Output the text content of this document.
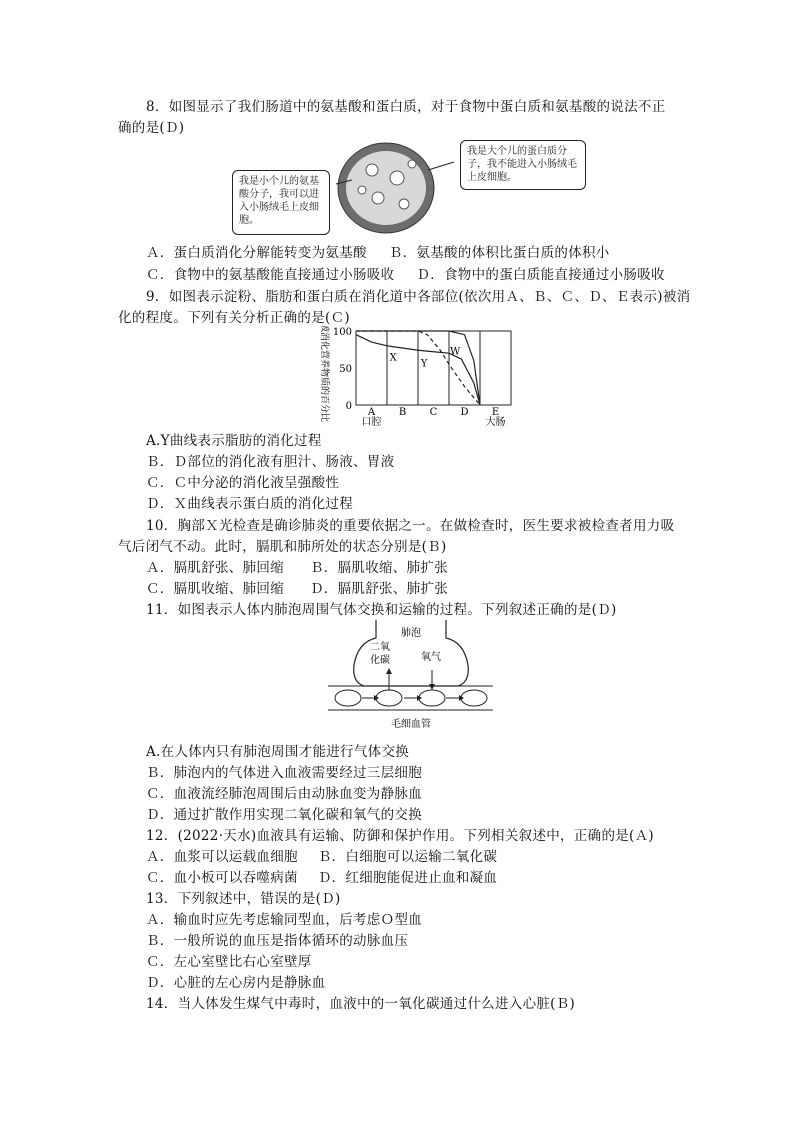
8．如图显示了我们肠道中的氨基酸和蛋白质，对于食物中蛋白质和氨基酸的说法不正
确的是(Ｄ)
我是小个儿的氨基酸分子，我可以进入小肠绒毛上皮细胞。
我是大个儿的蛋白质分子，我不能进入小肠绒毛上皮细胞。
Ａ．蛋白质消化分解能转变为氨基酸 Ｂ．氨基酸的体积比蛋白质的体积小
Ｃ．食物中的氨基酸能直接通过小肠吸收 Ｄ．食物中的蛋白质能直接通过小肠吸收
9．如图表示淀粉、脂肪和蛋白质在消化道中各部位(依次用Ａ、Ｂ、Ｃ、Ｄ、Ｅ表示)被消
化的程度。下列有关分析正确的是(Ｃ)
0
50
100
未被消化营养物质的百分比	A
口腔
B C D E
大肠
X
Y
W
A.Y曲线表示脂肪的消化过程
Ｂ．Ｄ部位的消化液有胆汁、肠液、胃液
Ｃ．Ｃ中分泌的消化液呈强酸性
Ｄ．Ｘ曲线表示蛋白质的消化过程
10．胸部Ｘ光检查是确诊肺炎的重要依据之一。在做检查时，医生要求被检查者用力吸
气后闭气不动。此时，膈肌和肺所处的状态分别是(Ｂ)
Ａ．膈肌舒张、肺回缩 Ｂ．膈肌收缩、肺扩张
Ｃ．膈肌收缩、肺回缩 Ｄ．膈肌舒张、肺扩张
11．如图表示人体内肺泡周围气体交换和运输的过程。下列叙述正确的是(Ｄ)
肺泡
二氧
化碳	氧气
毛细血管
A.在人体内只有肺泡周围才能进行气体交换
Ｂ．肺泡内的气体进入血液需要经过三层细胞
Ｃ．血液流经肺泡周围后由动脉血变为静脉血
Ｄ．通过扩散作用实现二氧化碳和氧气的交换
12．(2022·天水)血液具有运输、防御和保护作用。下列相关叙述中，正确的是(Ａ)
Ａ．血浆可以运载血细胞 Ｂ．白细胞可以运输二氧化碳
Ｃ．血小板可以吞噬病菌 Ｄ．红细胞能促进止血和凝血
13．下列叙述中，错误的是(Ｄ)
Ａ．输血时应先考虑输同型血，后考虑Ｏ型血
Ｂ．一般所说的血压是指体循环的动脉血压
Ｃ．左心室壁比右心室壁厚
Ｄ．心脏的左心房内是静脉血
14．当人体发生煤气中毒时，血液中的一氧化碳通过什么进入心脏(Ｂ)
